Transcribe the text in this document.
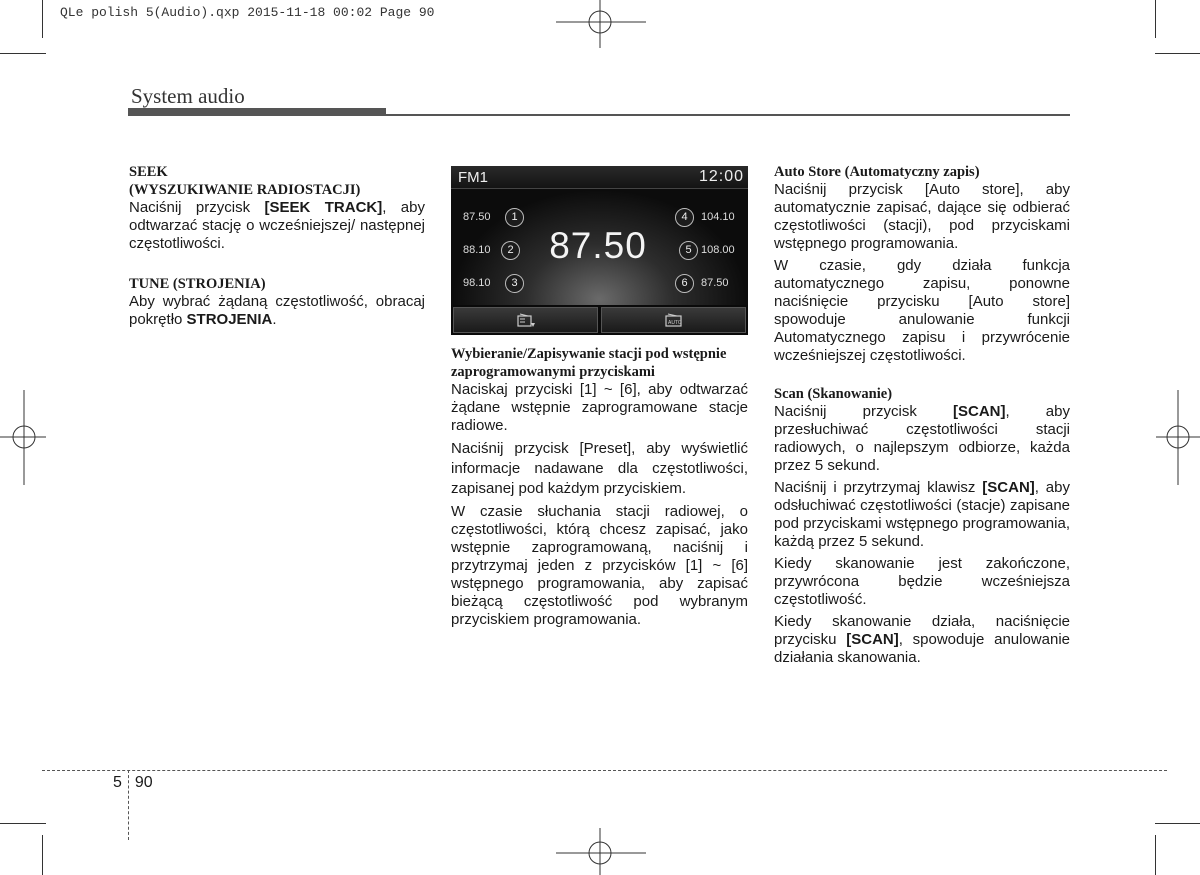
QLe polish 5(Audio).qxp 2015-11-18 00:02 Page 90
System audio
SEEK
(WYSZUKIWANIE RADIOSTACJI)

Naciśnij przycisk [SEEK TRACK], aby odtwarzać stację o wcześniejszej/ następnej częstotliwości.

TUNE (STROJENIA)

Aby wybrać żądaną częstotliwość, obracaj pokrętło STROJENIA.

FM1	12:00
87.50
87.50	1
88.10	2
98.10	3
4	104.10
5 108.00
6	87.50
AUTO
Wybieranie/Zapisywanie stacji pod wstępnie zaprogramowanymi przyciskami

Naciskaj przyciski [1] ~ [6], aby odtwarzać żądane wstępnie zaprogramowane stacje radiowe.

Naciśnij przycisk [Preset], aby wyświetlić informacje nadawane dla częstotliwości, zapisanej pod każdym przyciskiem.

W czasie słuchania stacji radiowej, o częstotliwości, którą chcesz zapisać, jako wstępnie zaprogramowaną, naciśnij i przytrzymaj jeden z przycisków [1] ~ [6] wstępnego programowania, aby zapisać bieżącą częstotliwość pod wybranym przyciskiem programowania.

Auto Store (Automatyczny zapis)

Naciśnij przycisk [Auto store], aby automatycznie zapisać, dające się odbierać częstotliwości (stacji), pod przyciskami wstępnego programowania.

W czasie, gdy działa funkcja automatycznego zapisu, ponowne naciśnięcie przycisku [Auto store] spowoduje anulowanie funkcji Automatycznego zapisu i przywrócenie wcześniejszej częstotliwości.

Scan (Skanowanie)

Naciśnij przycisk [SCAN], aby przesłuchiwać częstotliwości stacji radiowych, o najlepszym odbiorze, każda przez 5 sekund.

Naciśnij i przytrzymaj klawisz [SCAN], aby odsłuchiwać częstotliwości (stacje) zapisane pod przyciskami wstępnego programowania, każdą przez 5 sekund.

Kiedy skanowanie jest zakończone, przywrócona będzie wcześniejsza częstotliwość.

Kiedy skanowanie działa, naciśnięcie przycisku [SCAN], spowoduje anulowanie działania skanowania.

5 90
